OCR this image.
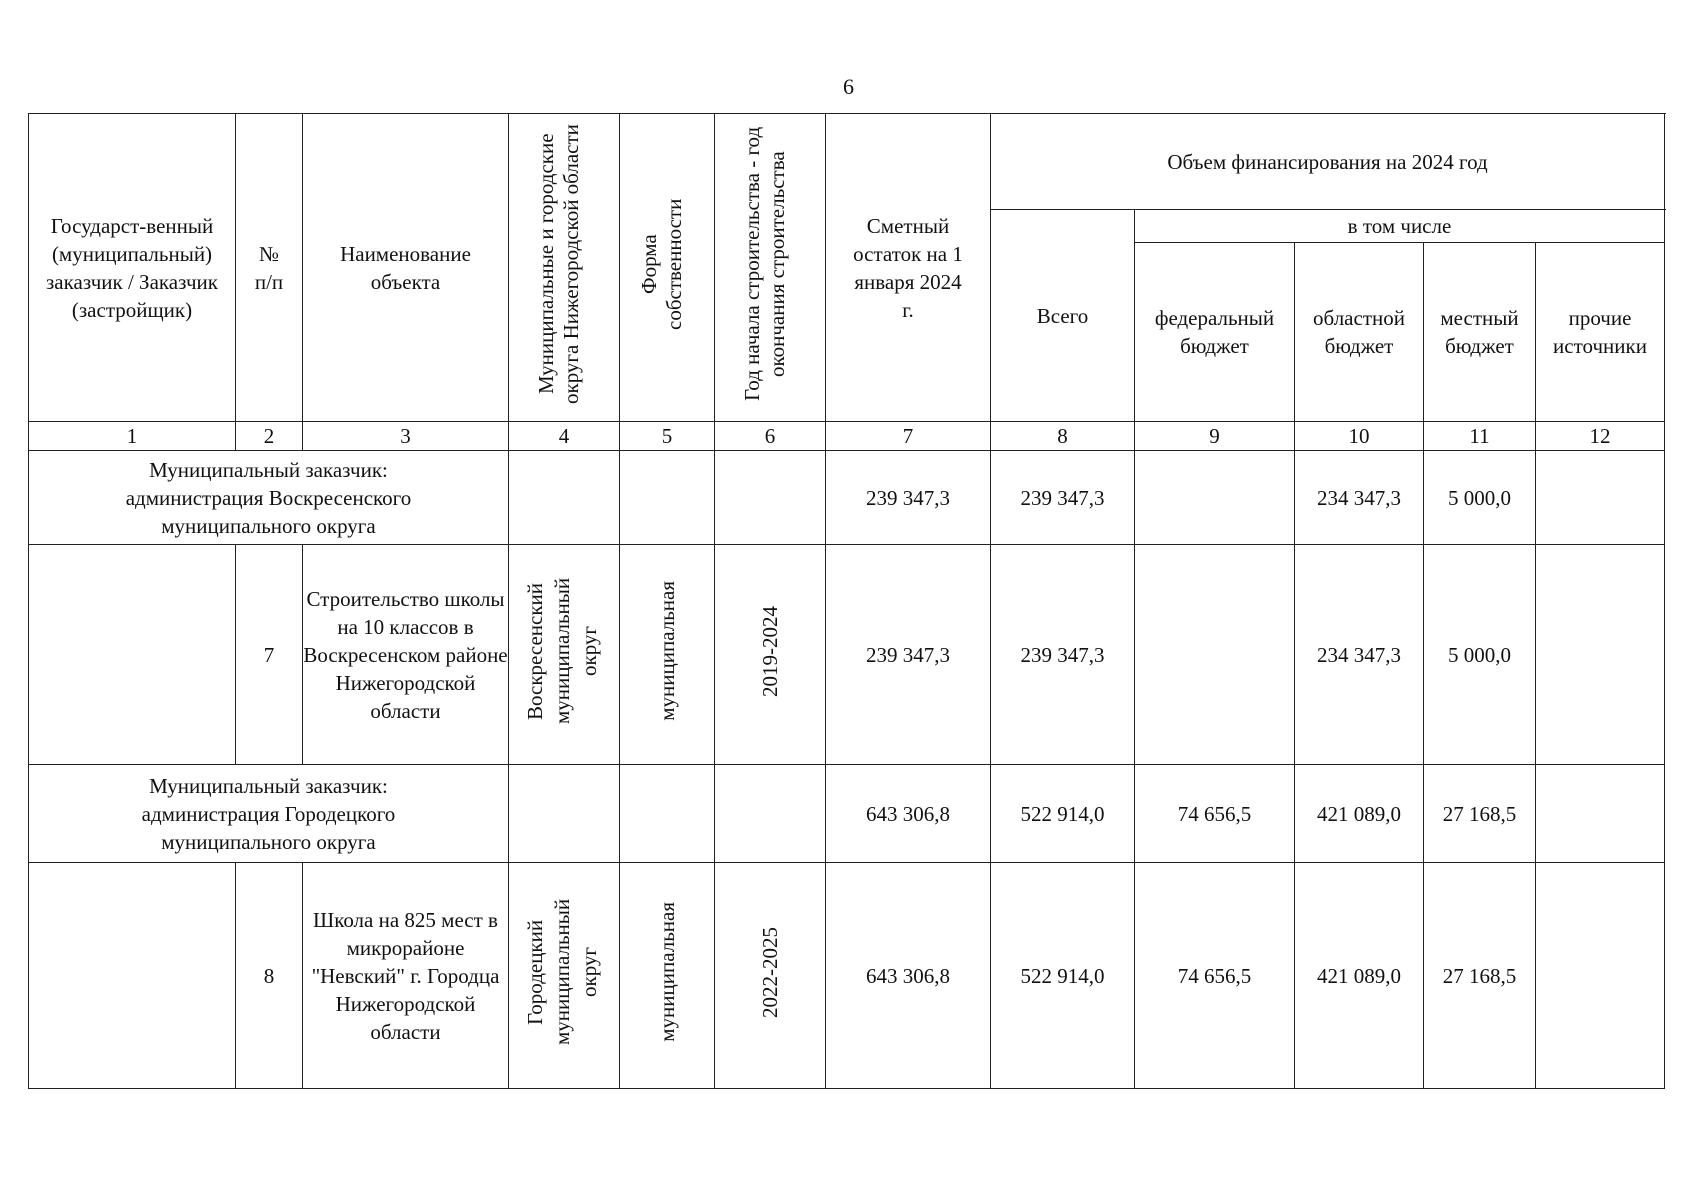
6
Государст-венный (муниципальный) заказчик / Заказчик (застройщик)	№ п/п	Наименование объекта	Муниципальные и городские округа Нижегородской области	Форма собственности	Год начала строительства - год окончания строительства	Сметный остаток на 1 января 2024 г.	Объем финансирования на 2024 год				
							Всего	в том числе			
								федеральный бюджет	областной бюджет	местный бюджет	прочие источники
1	2	3	4	5	6	7	8	9	10	11	12
Муниципальный заказчик: администрация Воскресенского муниципального округа						239 347,3	239 347,3		234 347,3	5 000,0	
	7	Строительство школы на 10 классов в Воскресенском районе Нижегородской области	Воскресенский муниципальный округ	муниципальная	2019-2024	239 347,3	239 347,3		234 347,3	5 000,0	
Муниципальный заказчик: администрация Городецкого муниципального округа						643 306,8	522 914,0	74 656,5	421 089,0	27 168,5	
	8	Школа на 825 мест в микрорайоне "Невский" г. Городца Нижегородской области	Городецкий муниципальный округ	муниципальная	2022-2025	643 306,8	522 914,0	74 656,5	421 089,0	27 168,5	
